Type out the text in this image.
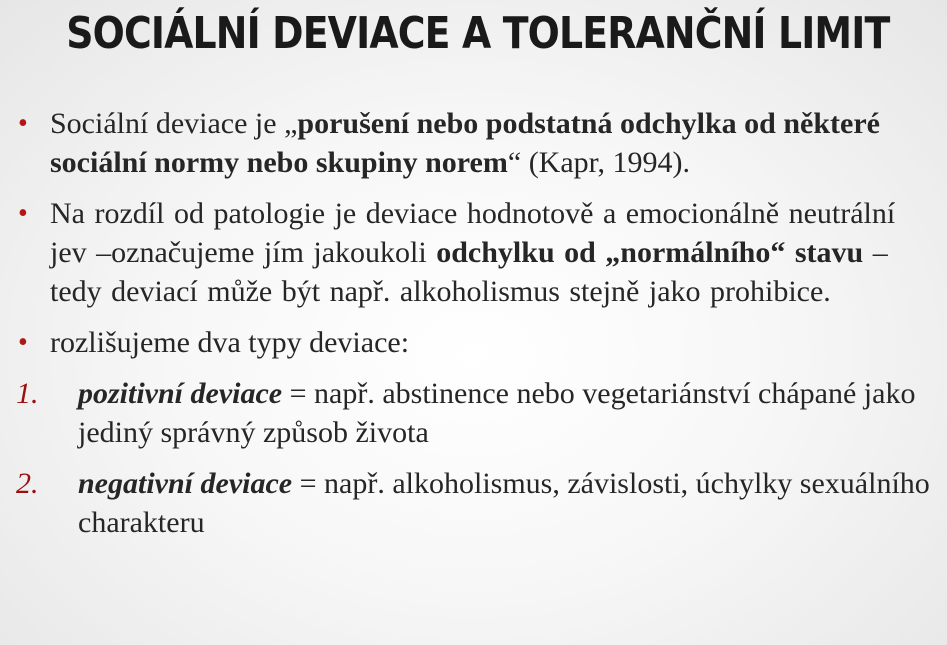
SOCIÁLNÍ DEVIACE A TOLERANČNÍ LIMIT
• Sociální deviace je „porušení nebo podstatná odchylka od některé sociální normy nebo skupiny norem“ (Kapr, 1994).
• Na rozdíl od patologie je deviace hodnotově a emocionálně neutrální jev –označujeme jím jakoukoli odchylku od „normálního“ stavu – tedy deviací může být např. alkoholismus stejně jako prohibice.
• rozlišujeme dva typy deviace:
1. pozitivní deviace = např. abstinence nebo vegetariánství chápané jako jediný správný způsob života
2. negativní deviace = např. alkoholismus, závislosti, úchylky sexuálního charakteru
